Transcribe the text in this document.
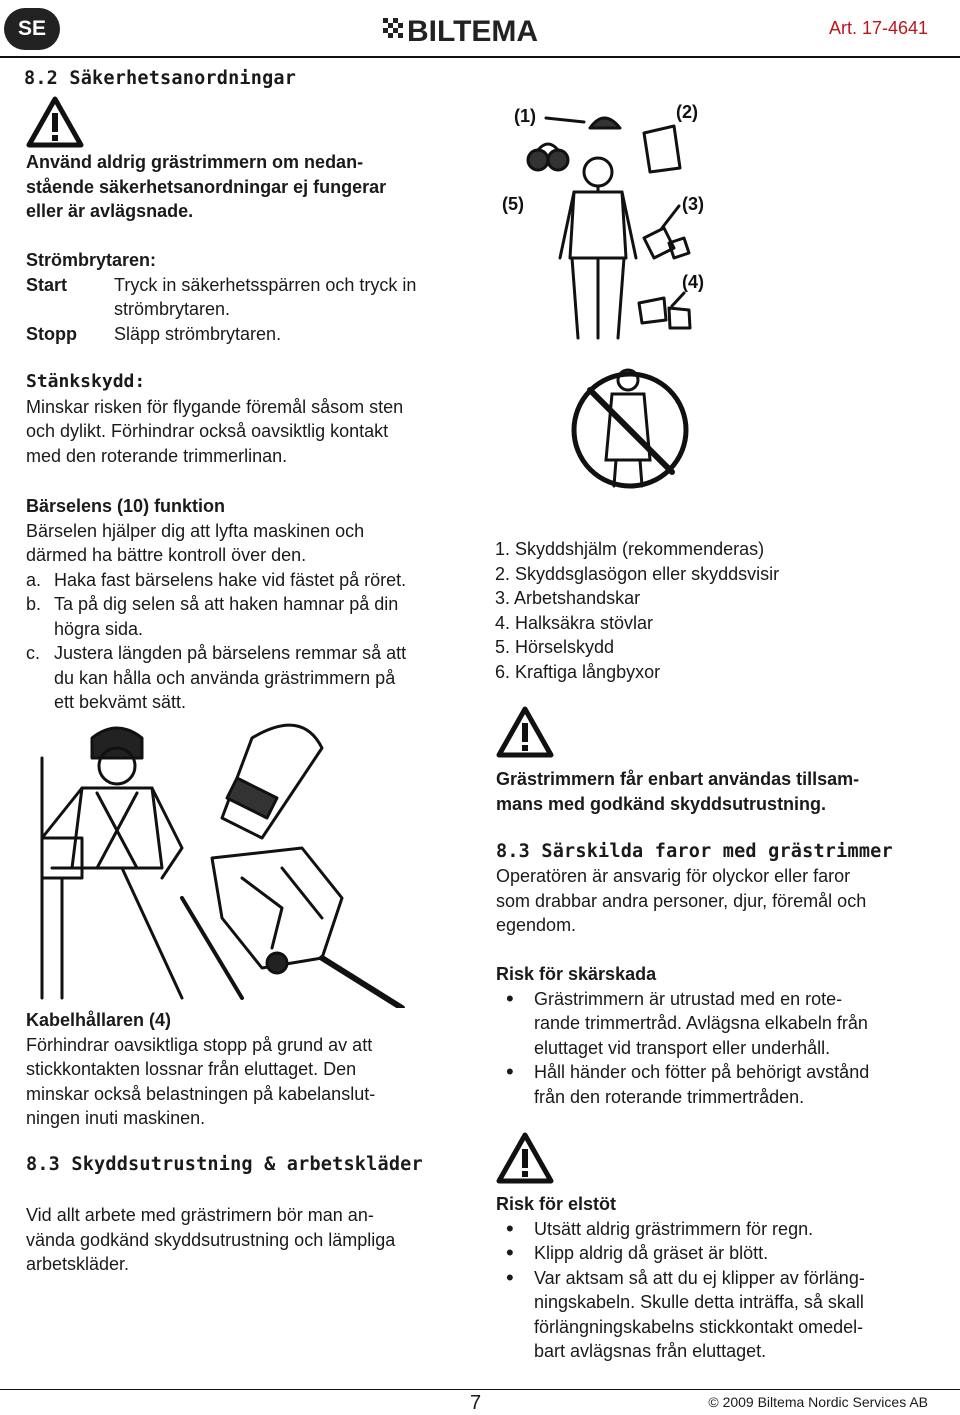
SE	BILTEMA	Art. 17-4641
8.2 Säkerhetsanordningar

Använd aldrig grästrimmern om nedan-

stående säkerhetsanordningar ej fungerar

eller är avlägsnade.

Strömbrytaren:

Start	Tryck in säkerhetsspärren och tryck in

strömbrytaren.

Stopp	Släpp strömbrytaren.

Stänkskydd:

Minskar risken för flygande föremål såsom sten

och dylikt. Förhindrar också oavsiktlig kontakt

med den roterande trimmerlinan.

Bärselens (10) funktion

Bärselen hjälper dig att lyfta maskinen och

därmed ha bättre kontroll över den.

a. Haka fast bärselens hake vid fästet på röret.

b. Ta på dig selen så att haken hamnar på din

högra sida.

c. Justera längden på bärselens remmar så att

du kan hålla och använda grästrimmern på

ett bekvämt sätt.

Kabelhållaren (4)

Förhindrar oavsiktliga stopp på grund av att

stickkontakten lossnar från eluttaget. Den

minskar också belastningen på kabelanslut-

ningen inuti maskinen.

8.3 Skyddsutrustning & arbetskläder

Vid allt arbete med grästrimern bör man an-

vända godkänd skyddsutrustning och lämpliga

arbetskläder.

(1)	(2)
(3)
(4)
(5)

1. Skyddshjälm (rekommenderas)

2. Skyddsglasögon eller skyddsvisir

3. Arbetshandskar

4. Halksäkra stövlar

5. Hörselskydd

6. Kraftiga långbyxor

Grästrimmern får enbart användas tillsam-

mans med godkänd skyddsutrustning.

8.3 Särskilda faror med grästrimmer

Operatören är ansvarig för olyckor eller faror

som drabbar andra personer, djur, föremål och

egendom.

Risk för skärskada

• Grästrimmern är utrustad med en rote-

rande trimmertråd. Avlägsna elkabeln från

eluttaget vid transport eller underhåll.

• Håll händer och fötter på behörigt avstånd

från den roterande trimmertråden.

Risk för elstöt

• Utsätt aldrig grästrimmern för regn.

• Klipp aldrig då gräset är blött.

• Var aktsam så att du ej klipper av förläng-

ningskabeln. Skulle detta inträffa, så skall

förlängningskabelns stickkontakt omedel-

bart avlägsnas från eluttaget.

7	© 2009 Biltema Nordic Services AB
